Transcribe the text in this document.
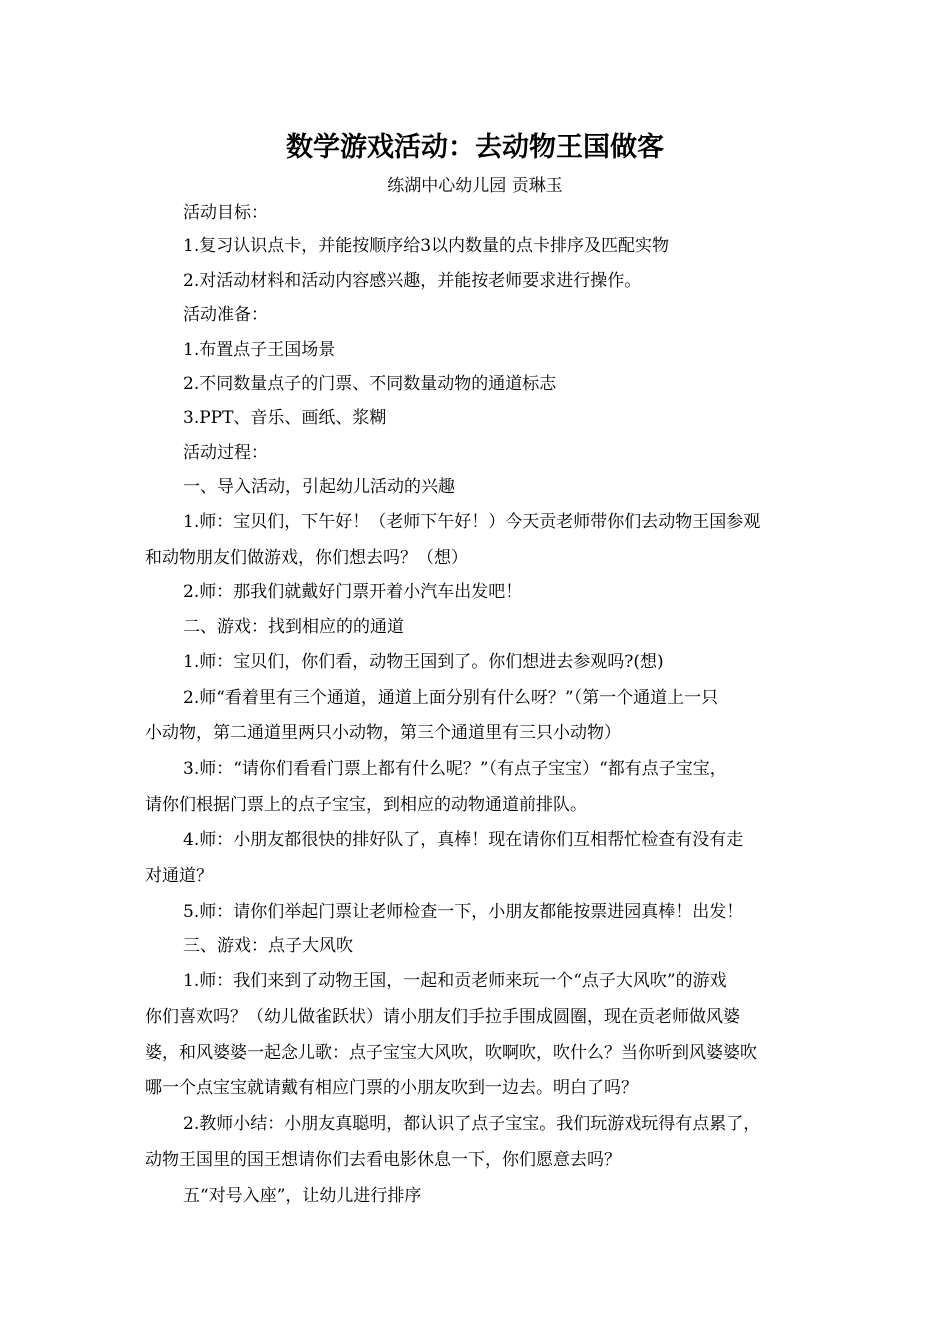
数学游戏活动：去动物王国做客
练湖中心幼儿园 贡琳玉
活动目标：
1.复习认识点卡，并能按顺序给3以内数量的点卡排序及匹配实物
2.对活动材料和活动内容感兴趣，并能按老师要求进行操作。
活动准备：
1.布置点子王国场景
2.不同数量点子的门票、不同数量动物的通道标志
3.PPT、音乐、画纸、浆糊
活动过程：
一、导入活动，引起幼儿活动的兴趣
1.师：宝贝们，下午好！（老师下午好！）今天贡老师带你们去动物王国参观
和动物朋友们做游戏，你们想去吗？（想）
2.师：那我们就戴好门票开着小汽车出发吧！
二、游戏：找到相应的的通道
1.师：宝贝们，你们看，动物王国到了。你们想进去参观吗?(想)
2.师“看着里有三个通道，通道上面分别有什么呀？”（第一个通道上一只
小动物，第二通道里两只小动物，第三个通道里有三只小动物）
3.师：“请你们看看门票上都有什么呢？”（有点子宝宝）“都有点子宝宝，
请你们根据门票上的点子宝宝，到相应的动物通道前排队。
4.师：小朋友都很快的排好队了，真棒！现在请你们互相帮忙检查有没有走
对通道？
5.师：请你们举起门票让老师检查一下，小朋友都能按票进园真棒！出发！
三、游戏：点子大风吹
1.师：我们来到了动物王国，一起和贡老师来玩一个“点子大风吹”的游戏
你们喜欢吗？（幼儿做雀跃状）请小朋友们手拉手围成圆圈，现在贡老师做风婆
婆，和风婆婆一起念儿歌：点子宝宝大风吹，吹啊吹，吹什么？当你听到风婆婆吹
哪一个点宝宝就请戴有相应门票的小朋友吹到一边去。明白了吗？
2.教师小结：小朋友真聪明，都认识了点子宝宝。我们玩游戏玩得有点累了，
动物王国里的国王想请你们去看电影休息一下，你们愿意去吗？
五“对号入座”，让幼儿进行排序
